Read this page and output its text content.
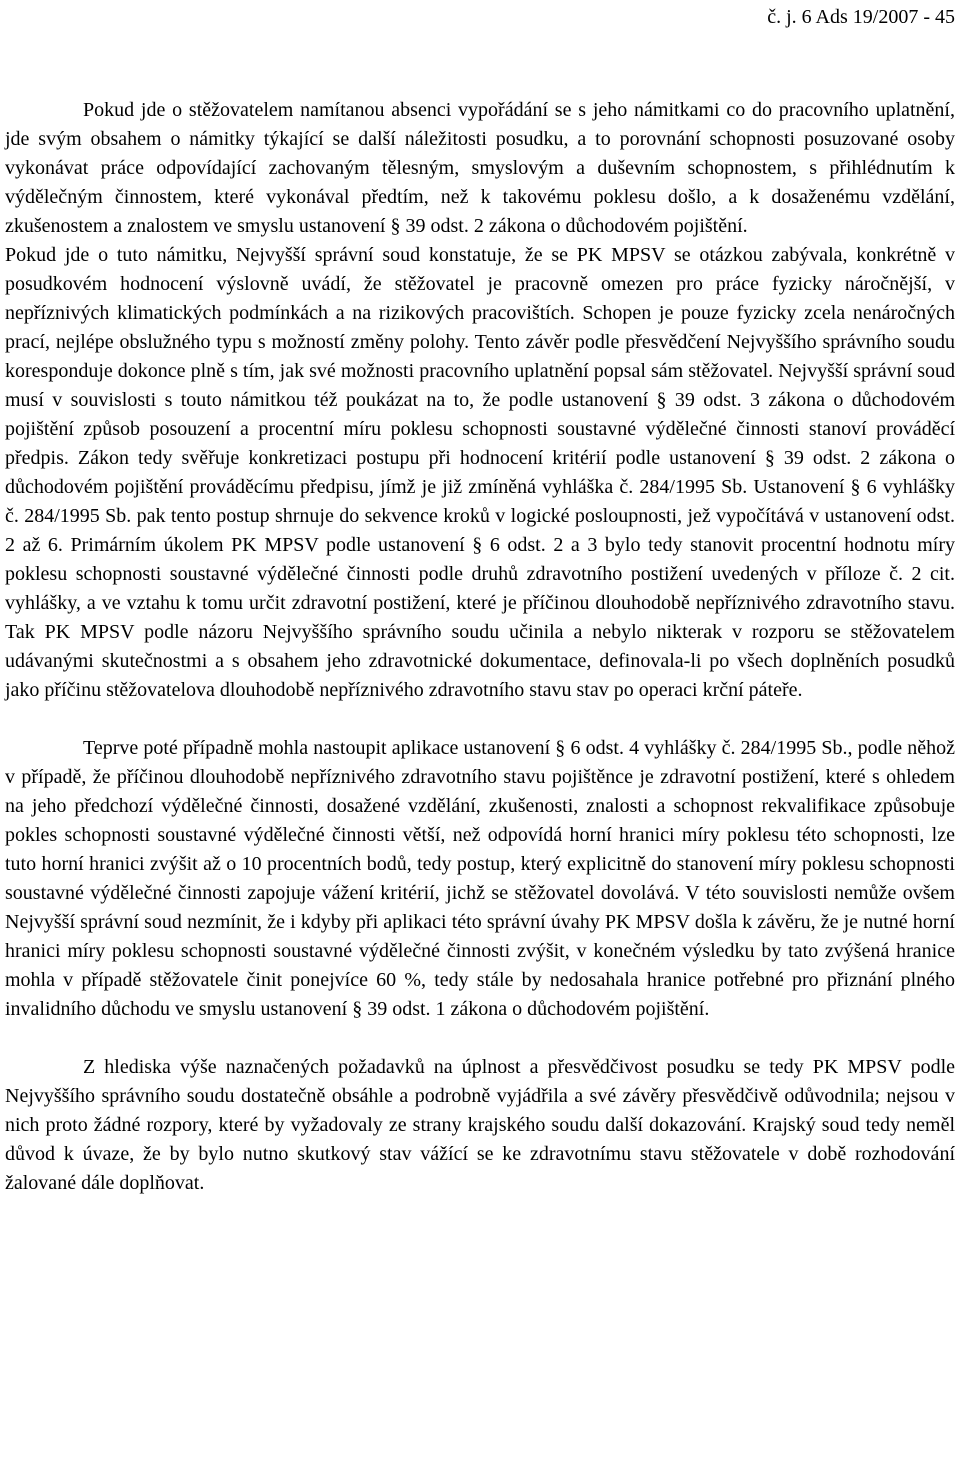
č. j. 6 Ads 19/2007 - 45

Pokud jde o stěžovatelem namítanou absenci vypořádání se s jeho námitkami co do pracovního uplatnění, jde svým obsahem o námitky týkající se další náležitosti posudku, a to porovnání schopnosti posuzované osoby vykonávat práce odpovídající zachovaným tělesným, smyslovým a duševním schopnostem, s přihlédnutím k výdělečným činnostem, které vykonával předtím, než k takovému poklesu došlo, a k dosaženému vzdělání, zkušenostem a znalostem ve smyslu ustanovení § 39 odst. 2 zákona o důchodovém pojištění.

Pokud jde o tuto námitku, Nejvyšší správní soud konstatuje, že se PK MPSV se otázkou zabývala, konkrétně v posudkovém hodnocení výslovně uvádí, že stěžovatel je pracovně omezen pro práce fyzicky náročnější, v nepříznivých klimatických podmínkách a na rizikových pracovištích. Schopen je pouze fyzicky zcela nenáročných prací, nejlépe obslužného typu s možností změny polohy. Tento závěr podle přesvědčení Nejvyššího správního soudu koresponduje dokonce plně s tím, jak své možnosti pracovního uplatnění popsal sám stěžovatel. Nejvyšší správní soud musí v souvislosti s touto námitkou též poukázat na to, že podle ustanovení § 39 odst. 3 zákona o důchodovém pojištění způsob posouzení a procentní míru poklesu schopnosti soustavné výdělečné činnosti stanoví prováděcí předpis. Zákon tedy svěřuje konkretizaci postupu při hodnocení kritérií podle ustanovení § 39 odst. 2 zákona o důchodovém pojištění prováděcímu předpisu, jímž je již zmíněná vyhláška č. 284/1995 Sb. Ustanovení § 6 vyhlášky č. 284/1995 Sb. pak tento postup shrnuje do sekvence kroků v logické posloupnosti, jež vypočítává v ustanovení odst. 2 až 6. Primárním úkolem PK MPSV podle ustanovení § 6 odst. 2 a 3 bylo tedy stanovit procentní hodnotu míry poklesu schopnosti soustavné výdělečné činnosti podle druhů zdravotního postižení uvedených v příloze č. 2 cit. vyhlášky, a ve vztahu k tomu určit zdravotní postižení, které je příčinou dlouhodobě nepříznivého zdravotního stavu. Tak PK MPSV podle názoru Nejvyššího správního soudu učinila a nebylo nikterak v rozporu se stěžovatelem udávanými skutečnostmi a s obsahem jeho zdravotnické dokumentace, definovala-li po všech doplněních posudků jako příčinu stěžovatelova dlouhodobě nepříznivého zdravotního stavu stav po operaci krční páteře.

Teprve poté případně mohla nastoupit aplikace ustanovení § 6 odst. 4 vyhlášky č. 284/1995 Sb., podle něhož v případě, že příčinou dlouhodobě nepříznivého zdravotního stavu pojištěnce je zdravotní postižení, které s ohledem na jeho předchozí výdělečné činnosti, dosažené vzdělání, zkušenosti, znalosti a schopnost rekvalifikace způsobuje pokles schopnosti soustavné výdělečné činnosti větší, než odpovídá horní hranici míry poklesu této schopnosti, lze tuto horní hranici zvýšit až o 10 procentních bodů, tedy postup, který explicitně do stanovení míry poklesu schopnosti soustavné výdělečné činnosti zapojuje vážení kritérií, jichž se stěžovatel dovolává. V této souvislosti nemůže ovšem Nejvyšší správní soud nezmínit, že i kdyby při aplikaci této správní úvahy PK MPSV došla k závěru, že je nutné horní hranici míry poklesu schopnosti soustavné výdělečné činnosti zvýšit, v konečném výsledku by tato zvýšená hranice mohla v případě stěžovatele činit ponejvíce 60 %, tedy stále by nedosahala hranice potřebné pro přiznání plného invalidního důchodu ve smyslu ustanovení § 39 odst. 1 zákona o důchodovém pojištění.

Z hlediska výše naznačených požadavků na úplnost a přesvědčivost posudku se tedy PK MPSV podle Nejvyššího správního soudu dostatečně obsáhle a podrobně vyjádřila a své závěry přesvědčivě odůvodnila; nejsou v nich proto žádné rozpory, které by vyžadovaly ze strany krajského soudu další dokazování. Krajský soud tedy neměl důvod k úvaze, že by bylo nutno skutkový stav vážící se ke zdravotnímu stavu stěžovatele v době rozhodování žalované dále doplňovat.
